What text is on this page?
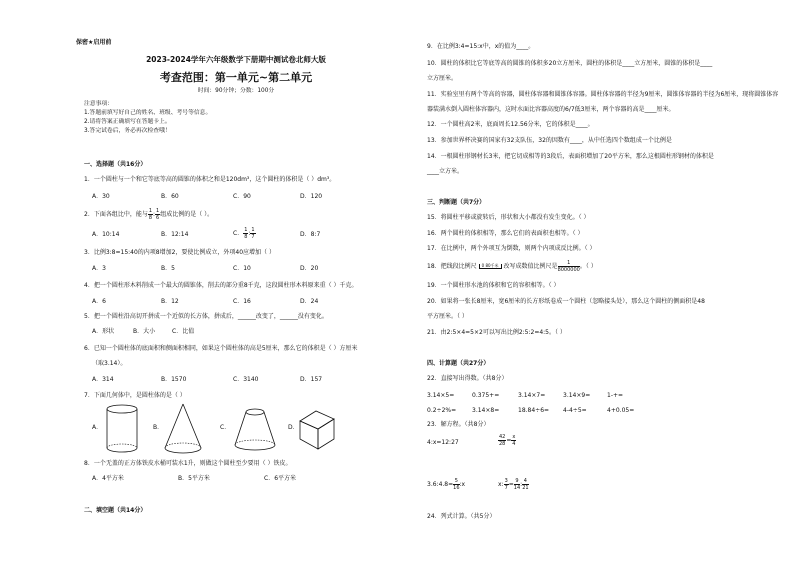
保密★启用前
2023-2024学年六年级数学下册期中测试卷北师大版
考查范围：第一单元~第二单元
时间：90分钟；分数：100分
注意事项：
1.答题前填写好自己的姓名、班级、考号等信息。
2.请将答案正确填写在答题卡上。
3.答完试卷后，务必再次检查哦！
一、选择题（共16分）
1．一个圆柱与一个和它等底等高的圆锥的体积之和是120dm³，这个圆柱的体积是（ ）dm³。
A．30	B．60	C．90	D．120
2．下面各组比中，能与 $\frac{1}{8}$ : $\frac{1}{6}$ 组成比例的是（ ）。
A．10:14	B．12:14	C． $\frac{1}{8}$ : $\frac{1}{7}$	D．8:7
3．比例3:8=15:40的内项8增加2，要使比例成立，外项40应增加（ ）
A．3	B．5	C．10	D．20
4．把一个圆柱形木料削成一个最大的圆锥体，削去的部分重8千克，这段圆柱形木料原来重（ ）千克。
A．6	B．12	C．16	D．24
5．把一个圆柱沿高切开拼成一个近似的长方体，拼成后，______改变了，______没有变化。
A．形状	B．大小	C．比值
6．已知一个圆柱体的底面积和侧面积相同，如果这个圆柱体的高是5厘米，那么它的体积是（ ）方厘米
（取3.14）。
A．314	B．1570	C．3140	D．157
7．下面几何体中，是圆柱体的是（ ）
A．	B．	C．	D．
8．一个无盖的正方体铁皮水桶可装水1升，则做这个圆柱至少要用（ ）铁皮。
A．4平方米	B．5平方米	C．6平方米
二、填空题（共14分）
9．在比例3:4=15:x中，x的值为____。
10．圆柱的体积比它等底等高的圆锥的体积多20立方厘米，圆柱的体积是____立方厘米，圆锥的体积是____
立方厘米。
11．实验室里有两个等高的容器，圆柱体容器和圆锥体容器。圆柱体容器的半径为9厘米，圆锥体容器的半径为6厘米，现将圆锥体容
器装满水倒入圆柱体容器内，这时水面比容器高度的6/7低3厘米，两个容器的高是____厘米。
12．一个圆柱高2米，底面周长12.56分米，它的体积是____。
13．参加世界杯决赛的国家有32支队伍，32的因数有____，从中任选四个数组成一个比例是
14．一根圆柱形钢材长3米，把它切成相等的3段后，表面积增加了20平方米，那么这根圆柱形钢材的体积是
____立方米。
三、判断题（共7分）
15．将圆柱平移或旋转后，形状和大小都没有发生变化。（ ）
16．两个圆柱的体积相等，那么它们的表面积也相等。（ ）
17．在比例中，两个外项互为倒数，则两个内项成反比例。（ ）
18．把线段比例尺 0 80千米 改写成数值比例尺是 $\frac{1}{8000000}$ 。（ ）
19．一个圆柱形水池的体积和它的容积相等。（ ）
20．如果将一张长8厘米，宽6厘米的长方形纸卷成一个圆柱（忽略接头处），那么这个圆柱的侧面积是48
平方厘米。（ ）
21．由2:5×4=5×2可以写出比例2:5:2=4:5。（ ）
四、计算题（共27分）
22．直接写出得数。（共8分）
3.14×5=	0.375+=	3.14×7=	3.14×9=	1-+=
0.2÷2%=	3.14×8=	18.84÷6= 4-4÷5=	4+0.05=
23．解方程。（共8分）
4:x=12:27	$\frac{42}{28} = \frac{x}{4}$
3.6:4.8= $\frac{5}{16}$ :x	x: $\frac{3}{7} = \frac{9}{14}$ : $\frac{4}{21}$
24．列式计算。（共5分）
